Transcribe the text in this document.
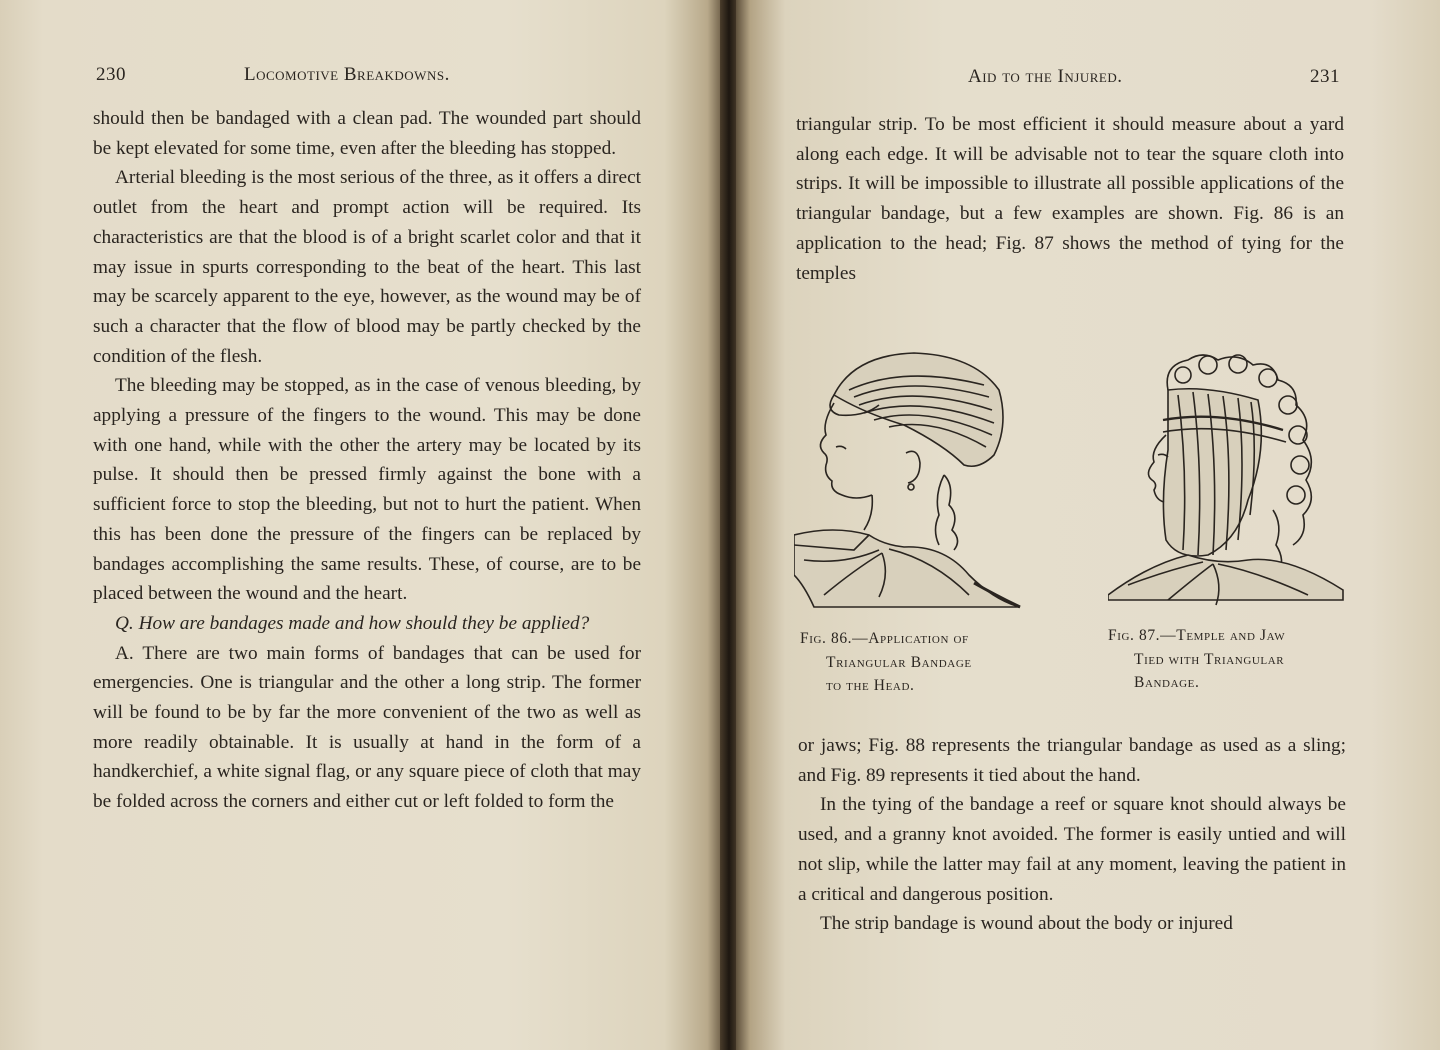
230	Locomotive Breakdowns.

should then be bandaged with a clean pad. The wounded part should be kept elevated for some time, even after the bleeding has stopped.

Arterial bleeding is the most serious of the three, as it offers a direct outlet from the heart and prompt action will be required. Its characteristics are that the blood is of a bright scarlet color and that it may issue in spurts corresponding to the beat of the heart. This last may be scarcely apparent to the eye, however, as the wound may be of such a character that the flow of blood may be partly checked by the condition of the flesh.

The bleeding may be stopped, as in the case of venous bleeding, by applying a pressure of the fingers to the wound. This may be done with one hand, while with the other the artery may be located by its pulse. It should then be pressed firmly against the bone with a sufficient force to stop the bleeding, but not to hurt the patient. When this has been done the pressure of the fingers can be replaced by bandages accomplishing the same results. These, of course, are to be placed between the wound and the heart.

Q. How are bandages made and how should they be applied?

A. There are two main forms of bandages that can be used for emergencies. One is triangular and the other a long strip. The former will be found to be by far the more convenient of the two as well as more readily obtainable. It is usually at hand in the form of a handkerchief, a white signal flag, or any square piece of cloth that may be folded across the corners and either cut or left folded to form the

Aid to the Injured.	231

triangular strip. To be most efficient it should measure about a yard along each edge. It will be advisable not to tear the square cloth into strips. It will be impossible to illustrate all possible applications of the triangular bandage, but a few examples are shown. Fig. 86 is an application to the head; Fig. 87 shows the method of tying for the temples

Fig. 86.—Application of
Triangular Bandage
to the Head.
Fig. 87.—Temple and Jaw
Tied with Triangular
Bandage.

or jaws; Fig. 88 represents the triangular bandage as used as a sling; and Fig. 89 represents it tied about the hand.

In the tying of the bandage a reef or square knot should always be used, and a granny knot avoided. The former is easily untied and will not slip, while the latter may fail at any moment, leaving the patient in a critical and dangerous position.

The strip bandage is wound about the body or injured
